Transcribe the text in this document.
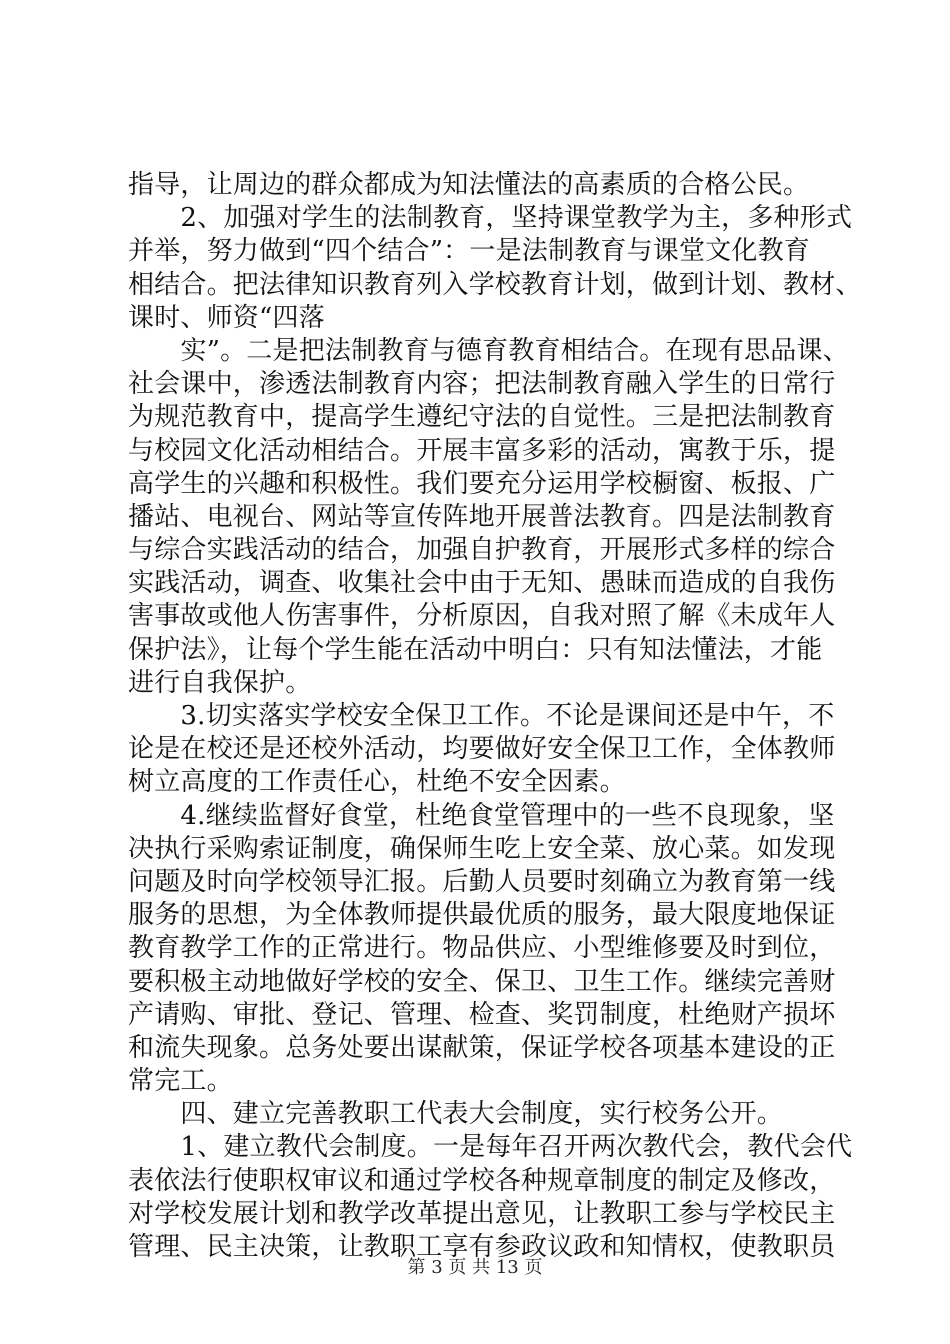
指导，让周边的群众都成为知法懂法的高素质的合格公民。
　　2、加强对学生的法制教育，坚持课堂教学为主，多种形式
并举，努力做到“四个结合”：一是法制教育与课堂文化教育
相结合。把法律知识教育列入学校教育计划，做到计划、教材、
课时、师资“四落
　　实”。二是把法制教育与德育教育相结合。在现有思品课、
社会课中，渗透法制教育内容；把法制教育融入学生的日常行
为规范教育中，提高学生遵纪守法的自觉性。三是把法制教育
与校园文化活动相结合。开展丰富多彩的活动，寓教于乐，提
高学生的兴趣和积极性。我们要充分运用学校橱窗、板报、广
播站、电视台、网站等宣传阵地开展普法教育。四是法制教育
与综合实践活动的结合，加强自护教育，开展形式多样的综合
实践活动，调查、收集社会中由于无知、愚昧而造成的自我伤
害事故或他人伤害事件，分析原因，自我对照了解《未成年人
保护法》，让每个学生能在活动中明白：只有知法懂法，才能
进行自我保护。
　　3.切实落实学校安全保卫工作。不论是课间还是中午，不
论是在校还是还校外活动，均要做好安全保卫工作，全体教师
树立高度的工作责任心，杜绝不安全因素。
　　4.继续监督好食堂，杜绝食堂管理中的一些不良现象，坚
决执行采购索证制度，确保师生吃上安全菜、放心菜。如发现
问题及时向学校领导汇报。后勤人员要时刻确立为教育第一线
服务的思想，为全体教师提供最优质的服务，最大限度地保证
教育教学工作的正常进行。物品供应、小型维修要及时到位，
要积极主动地做好学校的安全、保卫、卫生工作。继续完善财
产请购、审批、登记、管理、检查、奖罚制度，杜绝财产损坏
和流失现象。总务处要出谋献策，保证学校各项基本建设的正
常完工。
　　四、建立完善教职工代表大会制度，实行校务公开。
　　1、建立教代会制度。一是每年召开两次教代会，教代会代
表依法行使职权审议和通过学校各种规章制度的制定及修改，
对学校发展计划和教学改革提出意见，让教职工参与学校民主
管理、民主决策，让教职工享有参政议政和知情权，使教职员
第 3 页 共 13 页
